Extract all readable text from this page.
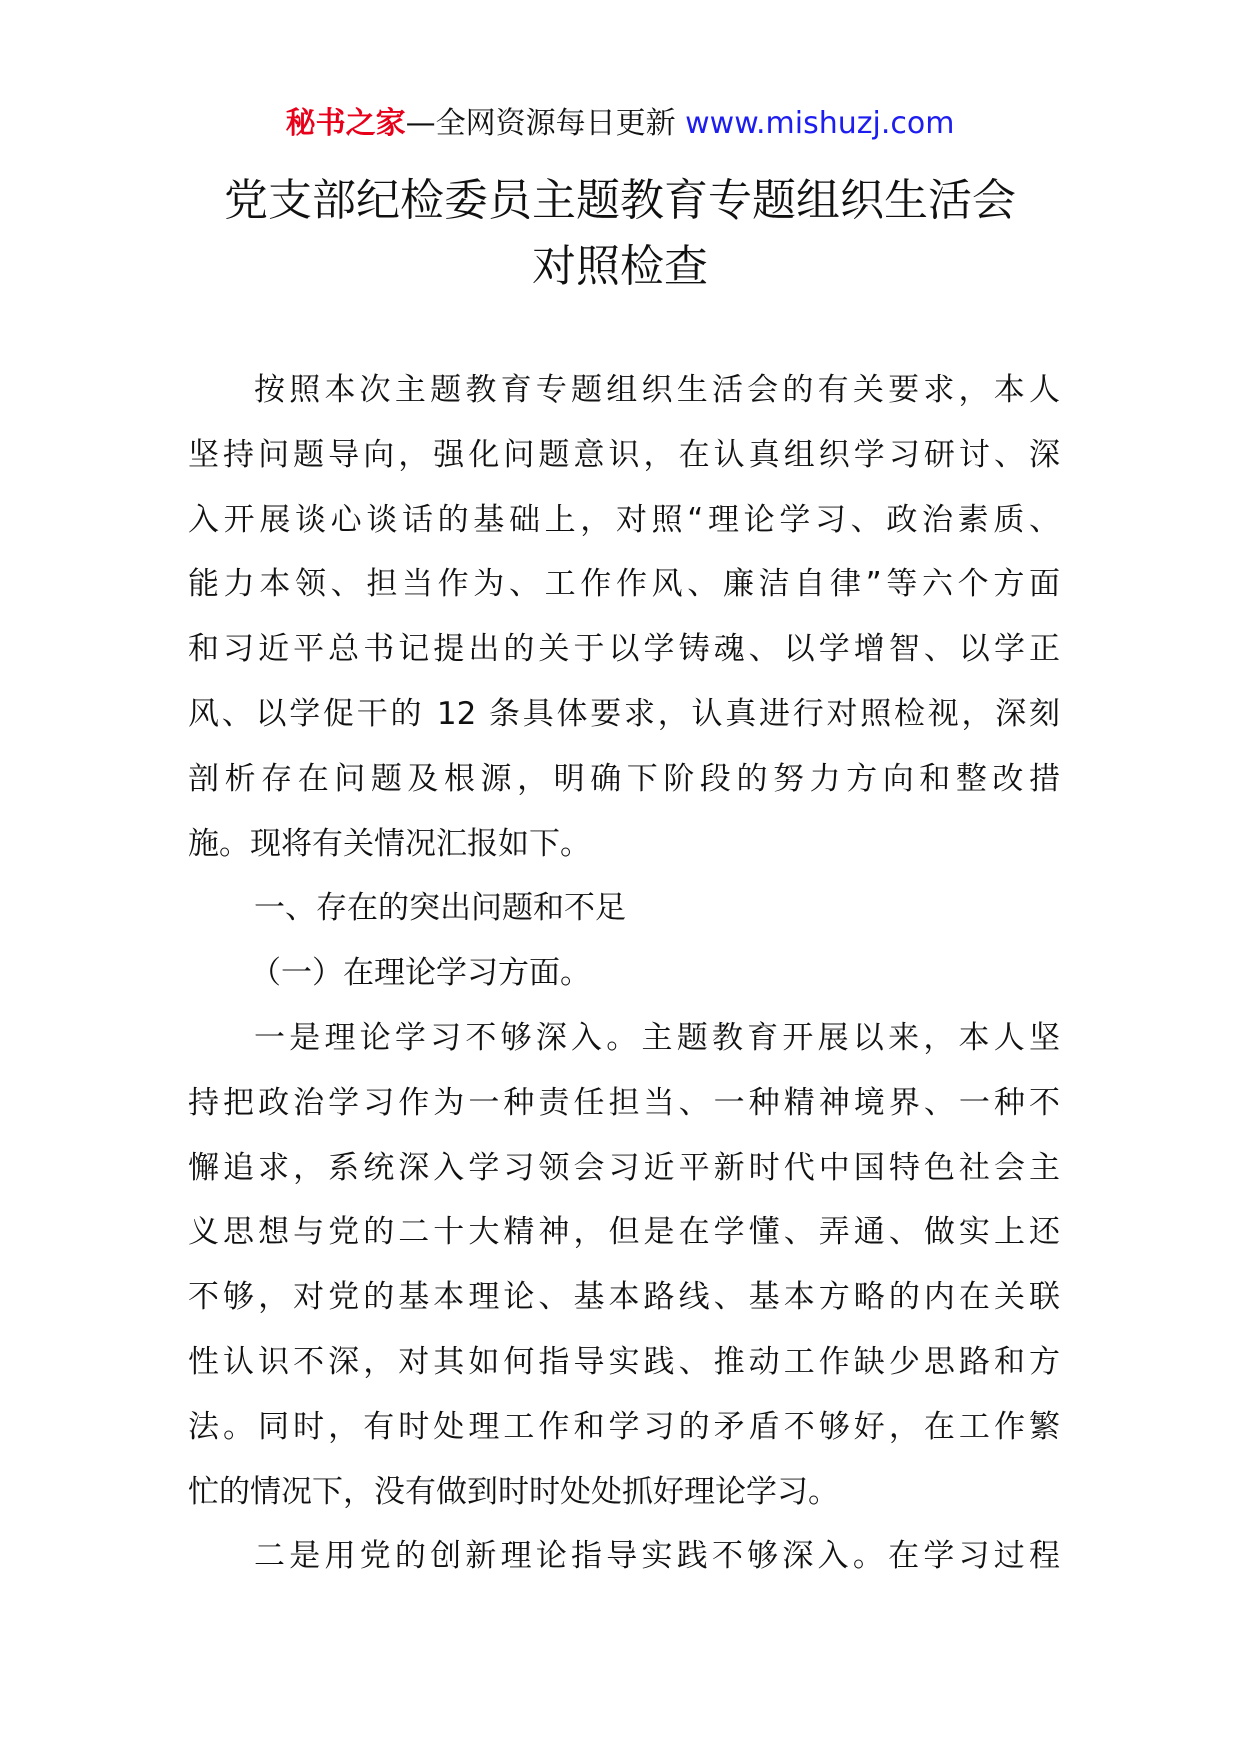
秘书之家—全网资源每日更新 www.mishuzj.com
党支部纪检委员主题教育专题组织生活会
对照检查

按照本次主题教育专题组织生活会的有关要求，本人
坚持问题导向，强化问题意识，在认真组织学习研讨、深
入开展谈心谈话的基础上，对照“理论学习、政治素质、
能力本领、担当作为、工作作风、廉洁自律”等六个方面
和习近平总书记提出的关于以学铸魂、以学增智、以学正
风、以学促干的 12 条具体要求，认真进行对照检视，深刻
剖析存在问题及根源，明确下阶段的努力方向和整改措
施。现将有关情况汇报如下。

一、存在的突出问题和不足

（一）在理论学习方面。

一是理论学习不够深入。主题教育开展以来，本人坚
持把政治学习作为一种责任担当、一种精神境界、一种不
懈追求，系统深入学习领会习近平新时代中国特色社会主
义思想与党的二十大精神，但是在学懂、弄通、做实上还
不够，对党的基本理论、基本路线、基本方略的内在关联
性认识不深，对其如何指导实践、推动工作缺少思路和方
法。同时，有时处理工作和学习的矛盾不够好，在工作繁
忙的情况下，没有做到时时处处抓好理论学习。

二是用党的创新理论指导实践不够深入。在学习过程
